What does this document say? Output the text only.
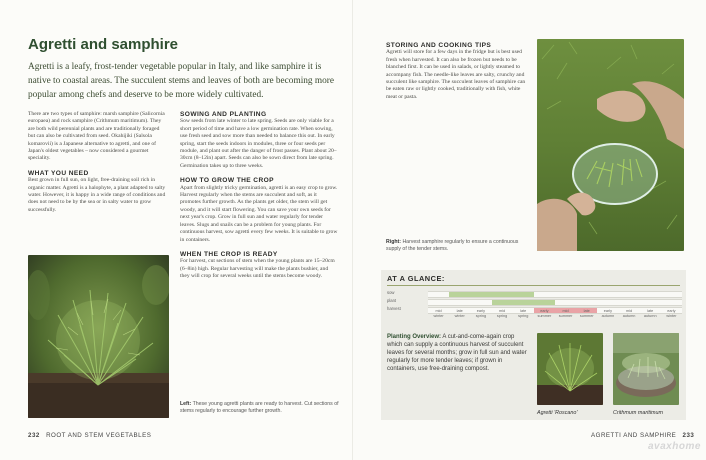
Agretti and samphire

Agretti is a leafy, frost-tender vegetable popular in Italy, and like samphire it is native to coastal areas. The succulent stems and leaves of both are becoming more popular among chefs and deserve to be more widely cultivated.

There are two types of samphire: marsh samphire (Salicornia europaea) and rock samphire (Crithmum maritimum). They are both wild perennial plants and are traditionally foraged but can also be cultivated from seed. Okahijiki (Salsola komarovii) is a Japanese alternative to agretti, and one of Japan's oldest vegetables – now considered a gourmet speciality.

WHAT YOU NEED

Best grown in full sun, on light, free-draining soil rich in organic matter. Agretti is a halophyte, a plant adapted to salty water. However, it is happy in a wide range of conditions and does not need to be by the sea or in salty water to grow successfully.

SOWING AND PLANTING

Sow seeds from late winter to late spring. Seeds are only viable for a short period of time and have a low germination rate. When sowing, use fresh seed and sow more than needed to balance this out. In early spring, start the seeds indoors in modules, three or four seeds per module, and plant out after the danger of frost passes. Plant about 20–30cm (8–12in) apart. Seeds can also be sown direct from late spring. Germination takes up to three weeks.

HOW TO GROW THE CROP

Apart from slightly tricky germination, agretti is an easy crop to grow. Harvest regularly when the stems are succulent and soft, as it promotes further growth. As the plants get older, the stem will get woody, and it will start flowering. You can save your own seeds for next year's crop. Grow in full sun and water regularly for tender leaves. Slugs and snails can be a problem for young plants. For continuous harvest, sow agretti every few weeks. It is suitable to grow in containers.

WHEN THE CROP IS READY

For harvest, cut sections of stem when the young plants are 15–20cm (6–8in) high. Regular harvesting will make the plants bushier, and they will crop for several weeks until the stems become woody.

Left: These young agretti plants are ready to harvest. Cut sections of stems regularly to encourage further growth.

232 ROOT AND STEM VEGETABLES

STORING AND COOKING TIPS

Agretti will store for a few days in the fridge but is best used fresh when harvested. It can also be frozen but needs to be blanched first. It can be used in salads, or lightly steamed to accompany fish. The needle-like leaves are salty, crunchy and succulent like samphire. The succulent leaves of samphire can be eaten raw or lightly cooked, traditionally with fish, white meat or pasta.

Right: Harvest samphire regularly to ensure a continuous supply of the tender stems.

AGRETTI AND SAMPHIRE 233
AT A GLANCE:
sow
plant
harvest	mid
winter
late
winter
early
spring
mid
spring
late
spring
early
summer
mid
summer
late
summer
early
autumn
mid
autumn
late
autumn
early
winter

Planting Overview: A cut-and-come-again crop which can supply a continuous harvest of succulent leaves for several months; grow in full sun and water regularly for more tender leaves; if grown in containers, use free-draining compost.

Agretti 'Roscano'	Crithmum maritimum
avaxhome
